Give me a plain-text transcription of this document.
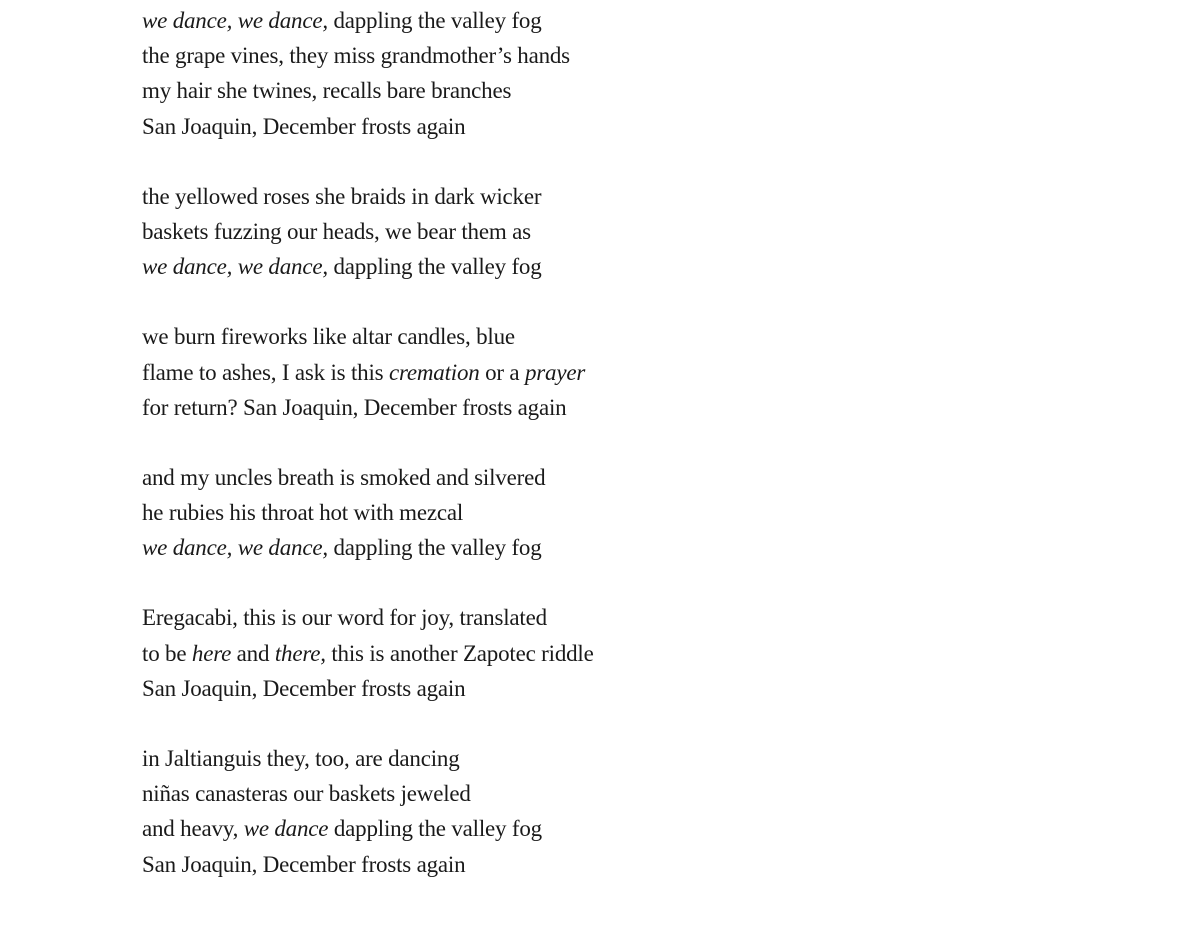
we dance, we dance, dappling the valley fog
the grape vines, they miss grandmother’s hands
my hair she twines, recalls bare branches
San Joaquin, December frosts again
the yellowed roses she braids in dark wicker
baskets fuzzing our heads, we bear them as
we dance, we dance, dappling the valley fog
we burn fireworks like altar candles, blue
flame to ashes, I ask is this cremation or a prayer
for return? San Joaquin, December frosts again
and my uncles breath is smoked and silvered
he rubies his throat hot with mezcal
we dance, we dance, dappling the valley fog
Eregacabi, this is our word for joy, translated
to be here and there, this is another Zapotec riddle
San Joaquin, December frosts again
in Jaltianguis they, too, are dancing
niñas canasteras our baskets jeweled
and heavy, we dance dappling the valley fog
San Joaquin, December frosts again
